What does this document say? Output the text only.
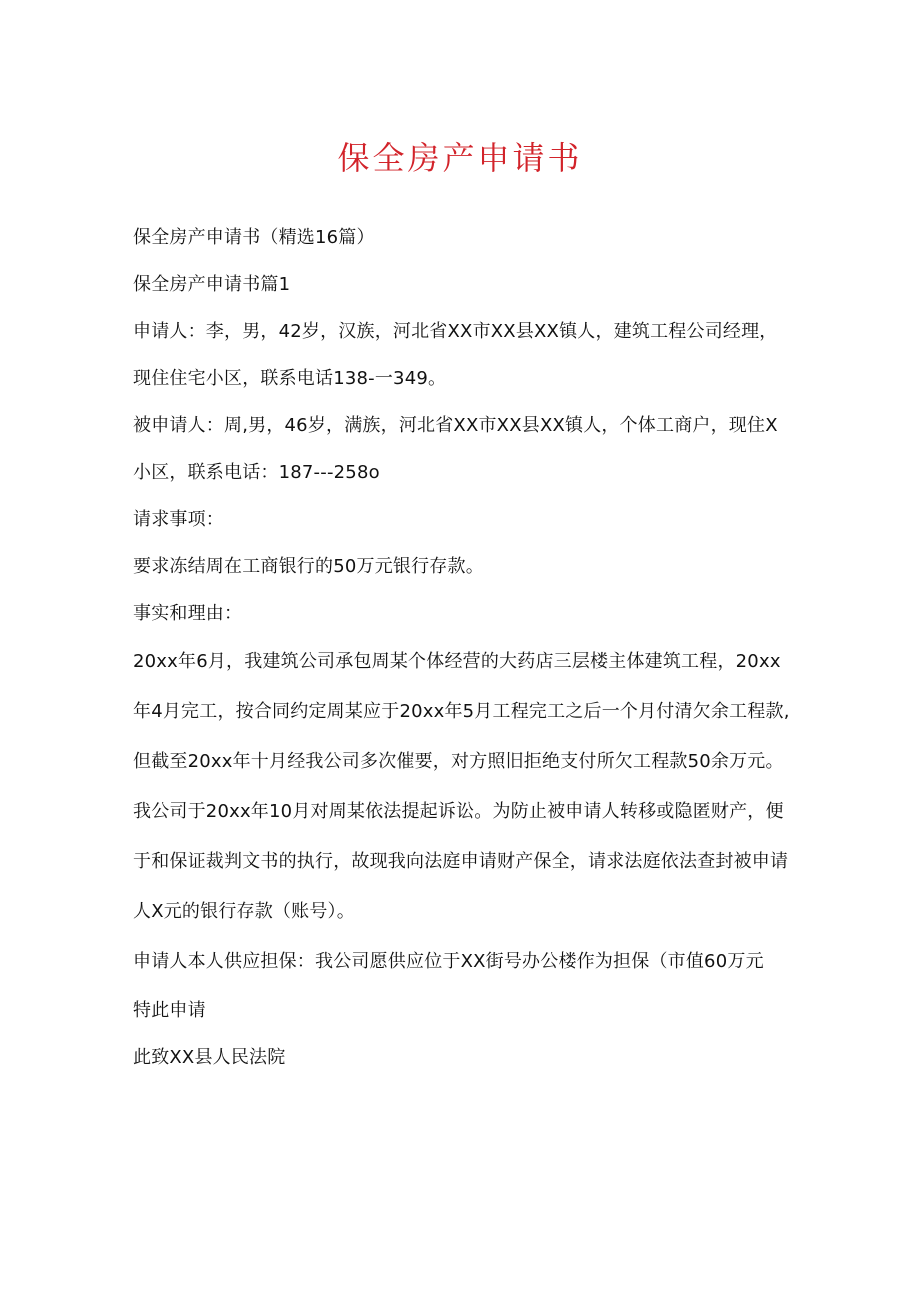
保全房产申请书

保全房产申请书（精选16篇）

保全房产申请书篇1

申请人：李，男，42岁，汉族，河北省XX市XX县XX镇人，建筑工程公司经理，现住住宅小区，联系电话138-一349。

被申请人：周,男，46岁，满族，河北省XX市XX县XX镇人，个体工商户，现住X小区，联系电话：187---258o

请求事项：

要求冻结周在工商银行的50万元银行存款。

事实和理由：

20xx年6月，我建筑公司承包周某个体经营的大药店三层楼主体建筑工程，20xx年4月完工，按合同约定周某应于20xx年5月工程完工之后一个月付清欠余工程款,但截至20xx年十月经我公司多次催要，对方照旧拒绝支付所欠工程款50余万元。我公司于20xx年10月对周某依法提起诉讼。为防止被申请人转移或隐匿财产，便于和保证裁判文书的执行，故现我向法庭申请财产保全，请求法庭依法查封被申请人X元的银行存款（账号）。

申请人本人供应担保：我公司愿供应位于XX街号办公楼作为担保（市值60万元

特此申请

此致XX县人民法院
